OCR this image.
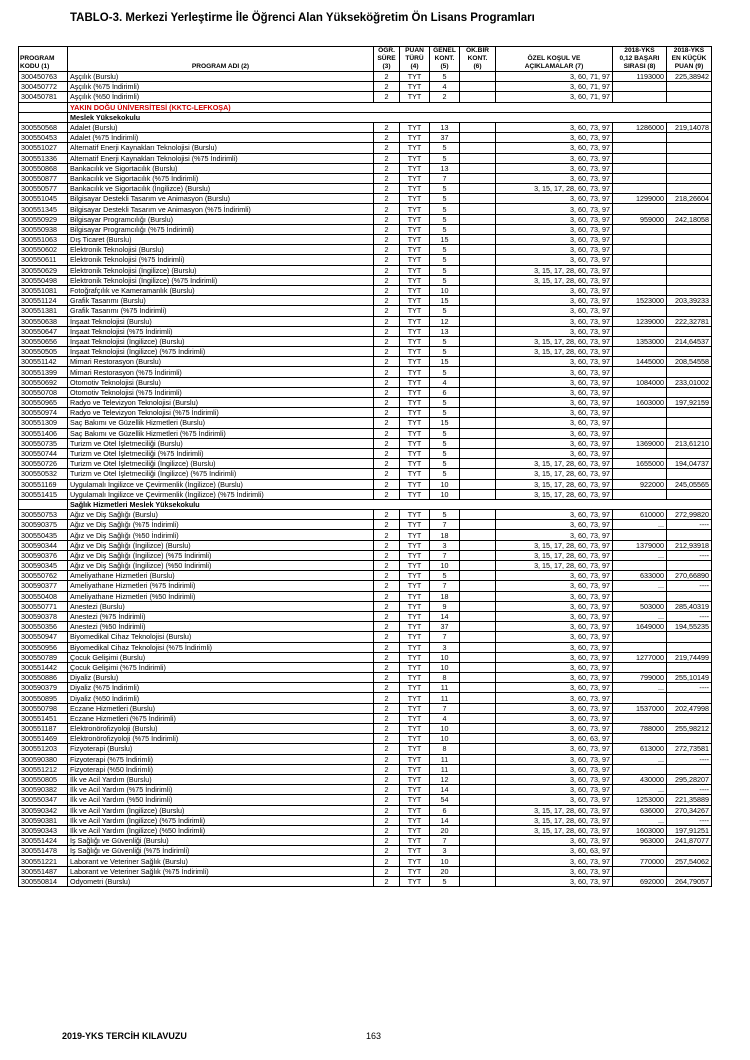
TABLO-3. Merkezi Yerleştirme İle Öğrenci Alan Yükseköğretim Ön Lisans Programları
PROGRAM
KODU (1)	PROGRAM ADI (2)	ÖĞR.
SÜRE
(3)	PUAN
TÜRÜ
(4)	GENEL
KONT.
(5)	OK.BİR
KONT.
(6)	ÖZEL KOŞUL VE
AÇIKLAMALAR (7)	2018-YKS
0,12 BAŞARI
SIRASI (8)	2018-YKS
EN KÜÇÜK
PUAN (9)
300450763	Aşçılık (Burslu)	2	TYT	5		3, 60, 71, 97	1193000	225,38942
300450772	Aşçılık (%75 İndirimli)	2	TYT	4		3, 60, 71, 97		
300450781	Aşçılık (%50 İndirimli)	2	TYT	2		3, 60, 71, 97		
	YAKIN DOĞU ÜNİVERSİTESİ (KKTC-LEFKOŞA)							
	Meslek Yüksekokulu							
300550568	Adalet (Burslu)	2	TYT	13		3, 60, 73, 97	1286000	219,14078
300550453	Adalet (%75 İndirimli)	2	TYT	37		3, 60, 73, 97		
300551027	Alternatif Enerji Kaynakları Teknolojisi (Burslu)	2	TYT	5		3, 60, 73, 97		
300551336	Alternatif Enerji Kaynakları Teknolojisi (%75 İndirimli)	2	TYT	5		3, 60, 73, 97		
300550868	Bankacılık ve Sigortacılık (Burslu)	2	TYT	13		3, 60, 73, 97		
300550877	Bankacılık ve Sigortacılık (%75 İndirimli)	2	TYT	7		3, 60, 73, 97		
300550577	Bankacılık ve Sigortacılık (İngilizce) (Burslu)	2	TYT	5		3, 15, 17, 28, 60, 73, 97		
300551045	Bilgisayar Destekli Tasarım ve Animasyon (Burslu)	2	TYT	5		3, 60, 73, 97	1299000	218,26604
300551345	Bilgisayar Destekli Tasarım ve Animasyon (%75 İndirimli)	2	TYT	5		3, 60, 73, 97		
300550929	Bilgisayar Programcılığı (Burslu)	2	TYT	5		3, 60, 73, 97	959000	242,18058
300550938	Bilgisayar Programcılığı (%75 İndirimli)	2	TYT	5		3, 60, 73, 97		
300551063	Dış Ticaret (Burslu)	2	TYT	15		3, 60, 73, 97		
300550602	Elektronik Teknolojisi (Burslu)	2	TYT	5		3, 60, 73, 97		
300550611	Elektronik Teknolojisi (%75 İndirimli)	2	TYT	5		3, 60, 73, 97		
300550629	Elektronik Teknolojisi (İngilizce) (Burslu)	2	TYT	5		3, 15, 17, 28, 60, 73, 97		
300550498	Elektronik Teknolojisi (İngilizce) (%75 İndirimli)	2	TYT	5		3, 15, 17, 28, 60, 73, 97		
300551081	Fotoğrafçılık ve Kameramanlık (Burslu)	2	TYT	10		3, 60, 73, 97		
300551124	Grafik Tasarımı (Burslu)	2	TYT	15		3, 60, 73, 97	1523000	203,39233
300551381	Grafik Tasarımı (%75 İndirimli)	2	TYT	5		3, 60, 73, 97		
300550638	İnşaat Teknolojisi (Burslu)	2	TYT	12		3, 60, 73, 97	1239000	222,32781
300550647	İnşaat Teknolojisi (%75 İndirimli)	2	TYT	13		3, 60, 73, 97		
300550656	İnşaat Teknolojisi (İngilizce) (Burslu)	2	TYT	5		3, 15, 17, 28, 60, 73, 97	1353000	214,64537
300550505	İnşaat Teknolojisi (İngilizce) (%75 İndirimli)	2	TYT	5		3, 15, 17, 28, 60, 73, 97		
300551142	Mimari Restorasyon (Burslu)	2	TYT	15		3, 60, 73, 97	1445000	208,54558
300551399	Mimari Restorasyon (%75 İndirimli)	2	TYT	5		3, 60, 73, 97		
300550692	Otomotiv Teknolojisi (Burslu)	2	TYT	4		3, 60, 73, 97	1084000	233,01002
300550708	Otomotiv Teknolojisi (%75 İndirimli)	2	TYT	6		3, 60, 73, 97		
300550965	Radyo ve Televizyon Teknolojisi (Burslu)	2	TYT	5		3, 60, 73, 97	1603000	197,92159
300550974	Radyo ve Televizyon Teknolojisi (%75 İndirimli)	2	TYT	5		3, 60, 73, 97		
300551309	Saç Bakımı ve Güzellik Hizmetleri (Burslu)	2	TYT	15		3, 60, 73, 97		
300551406	Saç Bakımı ve Güzellik Hizmetleri (%75 İndirimli)	2	TYT	5		3, 60, 73, 97		
300550735	Turizm ve Otel İşletmeciliği (Burslu)	2	TYT	5		3, 60, 73, 97	1369000	213,61210
300550744	Turizm ve Otel İşletmeciliği (%75 İndirimli)	2	TYT	5		3, 60, 73, 97		
300550726	Turizm ve Otel İşletmeciliği (İngilizce) (Burslu)	2	TYT	5		3, 15, 17, 28, 60, 73, 97	1655000	194,04737
300550532	Turizm ve Otel İşletmeciliği (İngilizce) (%75 İndirimli)	2	TYT	5		3, 15, 17, 28, 60, 73, 97		
300551169	Uygulamalı İngilizce ve Çevirmenlik (İngilizce) (Burslu)	2	TYT	10		3, 15, 17, 28, 60, 73, 97	922000	245,05565
300551415	Uygulamalı İngilizce ve Çevirmenlik (İngilizce) (%75 İndirimli)	2	TYT	10		3, 15, 17, 28, 60, 73, 97		
	Sağlık Hizmetleri Meslek Yüksekokulu							
300550753	Ağız ve Diş Sağlığı (Burslu)	2	TYT	5		3, 60, 73, 97	610000	272,99820
300590375	Ağız ve Diş Sağlığı (%75 İndirimli)	2	TYT	7		3, 60, 73, 97	...	----
300550435	Ağız ve Diş Sağlığı (%50 İndirimli)	2	TYT	18		3, 60, 73, 97		
300590344	Ağız ve Diş Sağlığı (İngilizce) (Burslu)	2	TYT	3		3, 15, 17, 28, 60, 73, 97	1379000	212,93918
300590376	Ağız ve Diş Sağlığı (İngilizce) (%75 İndirimli)	2	TYT	7		3, 15, 17, 28, 60, 73, 97	...	----
300590345	Ağız ve Diş Sağlığı (İngilizce) (%50 İndirimli)	2	TYT	10		3, 15, 17, 28, 60, 73, 97		
300550762	Ameliyathane Hizmetleri (Burslu)	2	TYT	5		3, 60, 73, 97	633000	270,66890
300590377	Ameliyathane Hizmetleri (%75 İndirimli)	2	TYT	7		3, 60, 73, 97	...	----
300550408	Ameliyathane Hizmetleri (%50 İndirimli)	2	TYT	18		3, 60, 73, 97		
300550771	Anestezi (Burslu)	2	TYT	9		3, 60, 73, 97	503000	285,40319
300590378	Anestezi (%75 İndirimli)	2	TYT	14		3, 60, 73, 97	...	----
300550356	Anestezi (%50 İndirimli)	2	TYT	37		3, 60, 73, 97	1649000	194,55235
300550947	Biyomedikal Cihaz Teknolojisi (Burslu)	2	TYT	7		3, 60, 73, 97		
300550956	Biyomedikal Cihaz Teknolojisi (%75 İndirimli)	2	TYT	3		3, 60, 73, 97		
300550789	Çocuk Gelişimi (Burslu)	2	TYT	10		3, 60, 73, 97	1277000	219,74499
300551442	Çocuk Gelişimi (%75 İndirimli)	2	TYT	10		3, 60, 73, 97		
300550886	Diyaliz (Burslu)	2	TYT	8		3, 60, 73, 97	799000	255,10149
300590379	Diyaliz (%75 İndirimli)	2	TYT	11		3, 60, 73, 97	...	----
300550895	Diyaliz (%50 İndirimli)	2	TYT	11		3, 60, 73, 97		
300550798	Eczane Hizmetleri (Burslu)	2	TYT	7		3, 60, 73, 97	1537000	202,47998
300551451	Eczane Hizmetleri (%75 İndirimli)	2	TYT	4		3, 60, 73, 97		
300551187	Elektronörofizyoloji (Burslu)	2	TYT	10		3, 60, 73, 97	788000	255,98212
300551469	Elektronörofizyoloji (%75 İndirimli)	2	TYT	10		3, 60, 63, 97		
300551203	Fizyoterapi (Burslu)	2	TYT	8		3, 60, 73, 97	613000	272,73581
300590380	Fizyoterapi (%75 İndirimli)	2	TYT	11		3, 60, 73, 97	...	----
300551212	Fizyoterapi (%50 İndirimli)	2	TYT	11		3, 60, 73, 97		
300550805	İlk ve Acil Yardım (Burslu)	2	TYT	12		3, 60, 73, 97	430000	295,28207
300590382	İlk ve Acil Yardım (%75 İndirimli)	2	TYT	14		3, 60, 73, 97	...	----
300550347	İlk ve Acil Yardım (%50 İndirimli)	2	TYT	54		3, 60, 73, 97	1253000	221,35889
300590342	İlk ve Acil Yardım (İngilizce) (Burslu)	2	TYT	6		3, 15, 17, 28, 60, 73, 97	636000	270,34267
300590381	İlk ve Acil Yardım (İngilizce) (%75 İndirimli)	2	TYT	14		3, 15, 17, 28, 60, 73, 97	...	----
300590343	İlk ve Acil Yardım (İngilizce) (%50 İndirimli)	2	TYT	20		3, 15, 17, 28, 60, 73, 97	1603000	197,91251
300551424	İş Sağlığı ve Güvenliği (Burslu)	2	TYT	7		3, 60, 73, 97	963000	241,87077
300551478	İş Sağlığı ve Güvenliği (%75 İndirimli)	2	TYT	3		3, 60, 63, 97		
300551221	Laborant ve Veteriner Sağlık (Burslu)	2	TYT	10		3, 60, 73, 97	770000	257,54062
300551487	Laborant ve Veteriner Sağlık (%75 İndirimli)	2	TYT	20		3, 60, 73, 97		
300550814	Odyometri (Burslu)	2	TYT	5		3, 60, 73, 97	692000	264,79057
2019-YKS TERCİH KILAVUZU	163
